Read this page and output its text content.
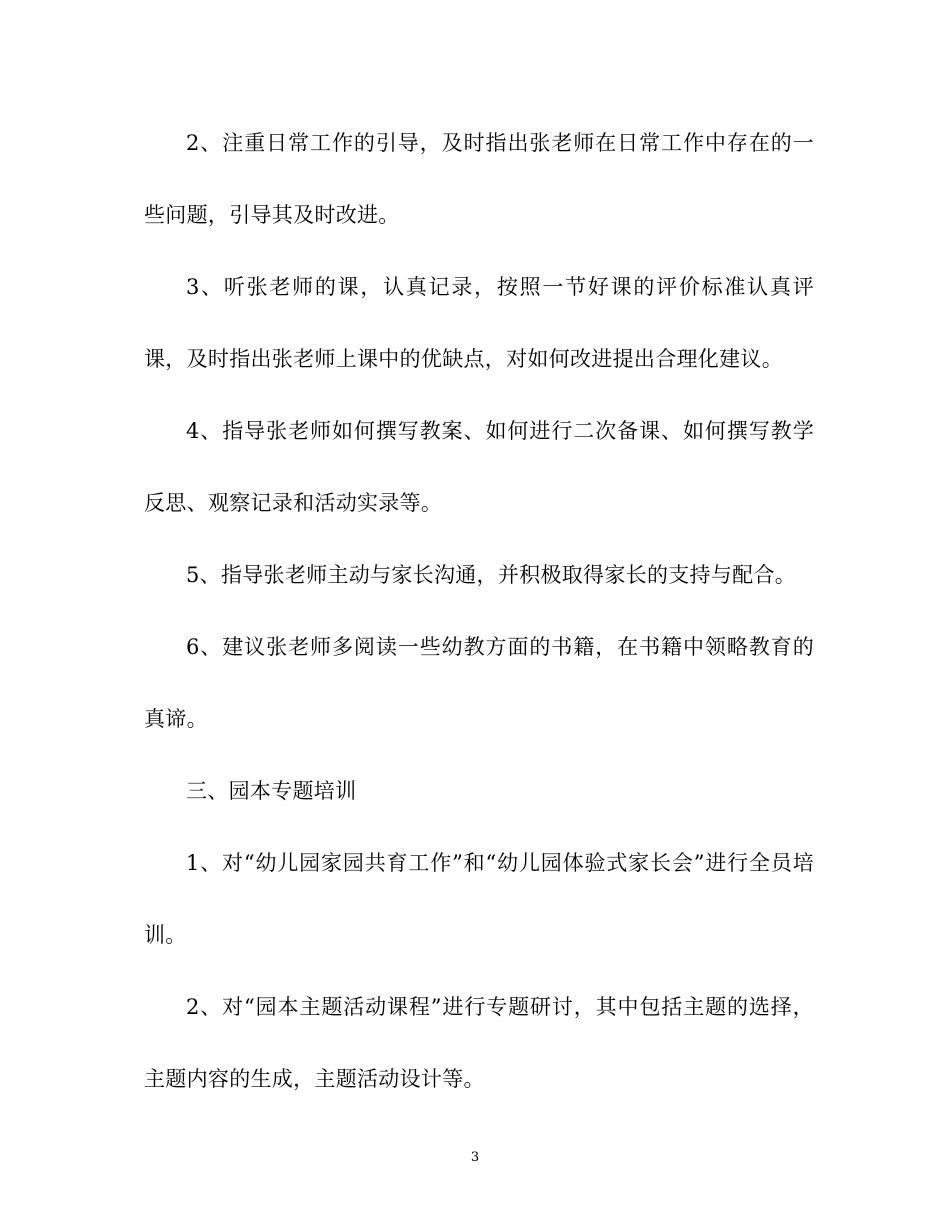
2、注重日常工作的引导，及时指出张老师在日常工作中存在的一些问题，引导其及时改进。

3、听张老师的课，认真记录，按照一节好课的评价标准认真评课，及时指出张老师上课中的优缺点，对如何改进提出合理化建议。

4、指导张老师如何撰写教案、如何进行二次备课、如何撰写教学反思、观察记录和活动实录等。

5、指导张老师主动与家长沟通，并积极取得家长的支持与配合。

6、建议张老师多阅读一些幼教方面的书籍，在书籍中领略教育的真谛。

三、园本专题培训

1、对“幼儿园家园共育工作”和“幼儿园体验式家长会”进行全员培训。

2、对“园本主题活动课程”进行专题研讨，其中包括主题的选择，主题内容的生成，主题活动设计等。

3
